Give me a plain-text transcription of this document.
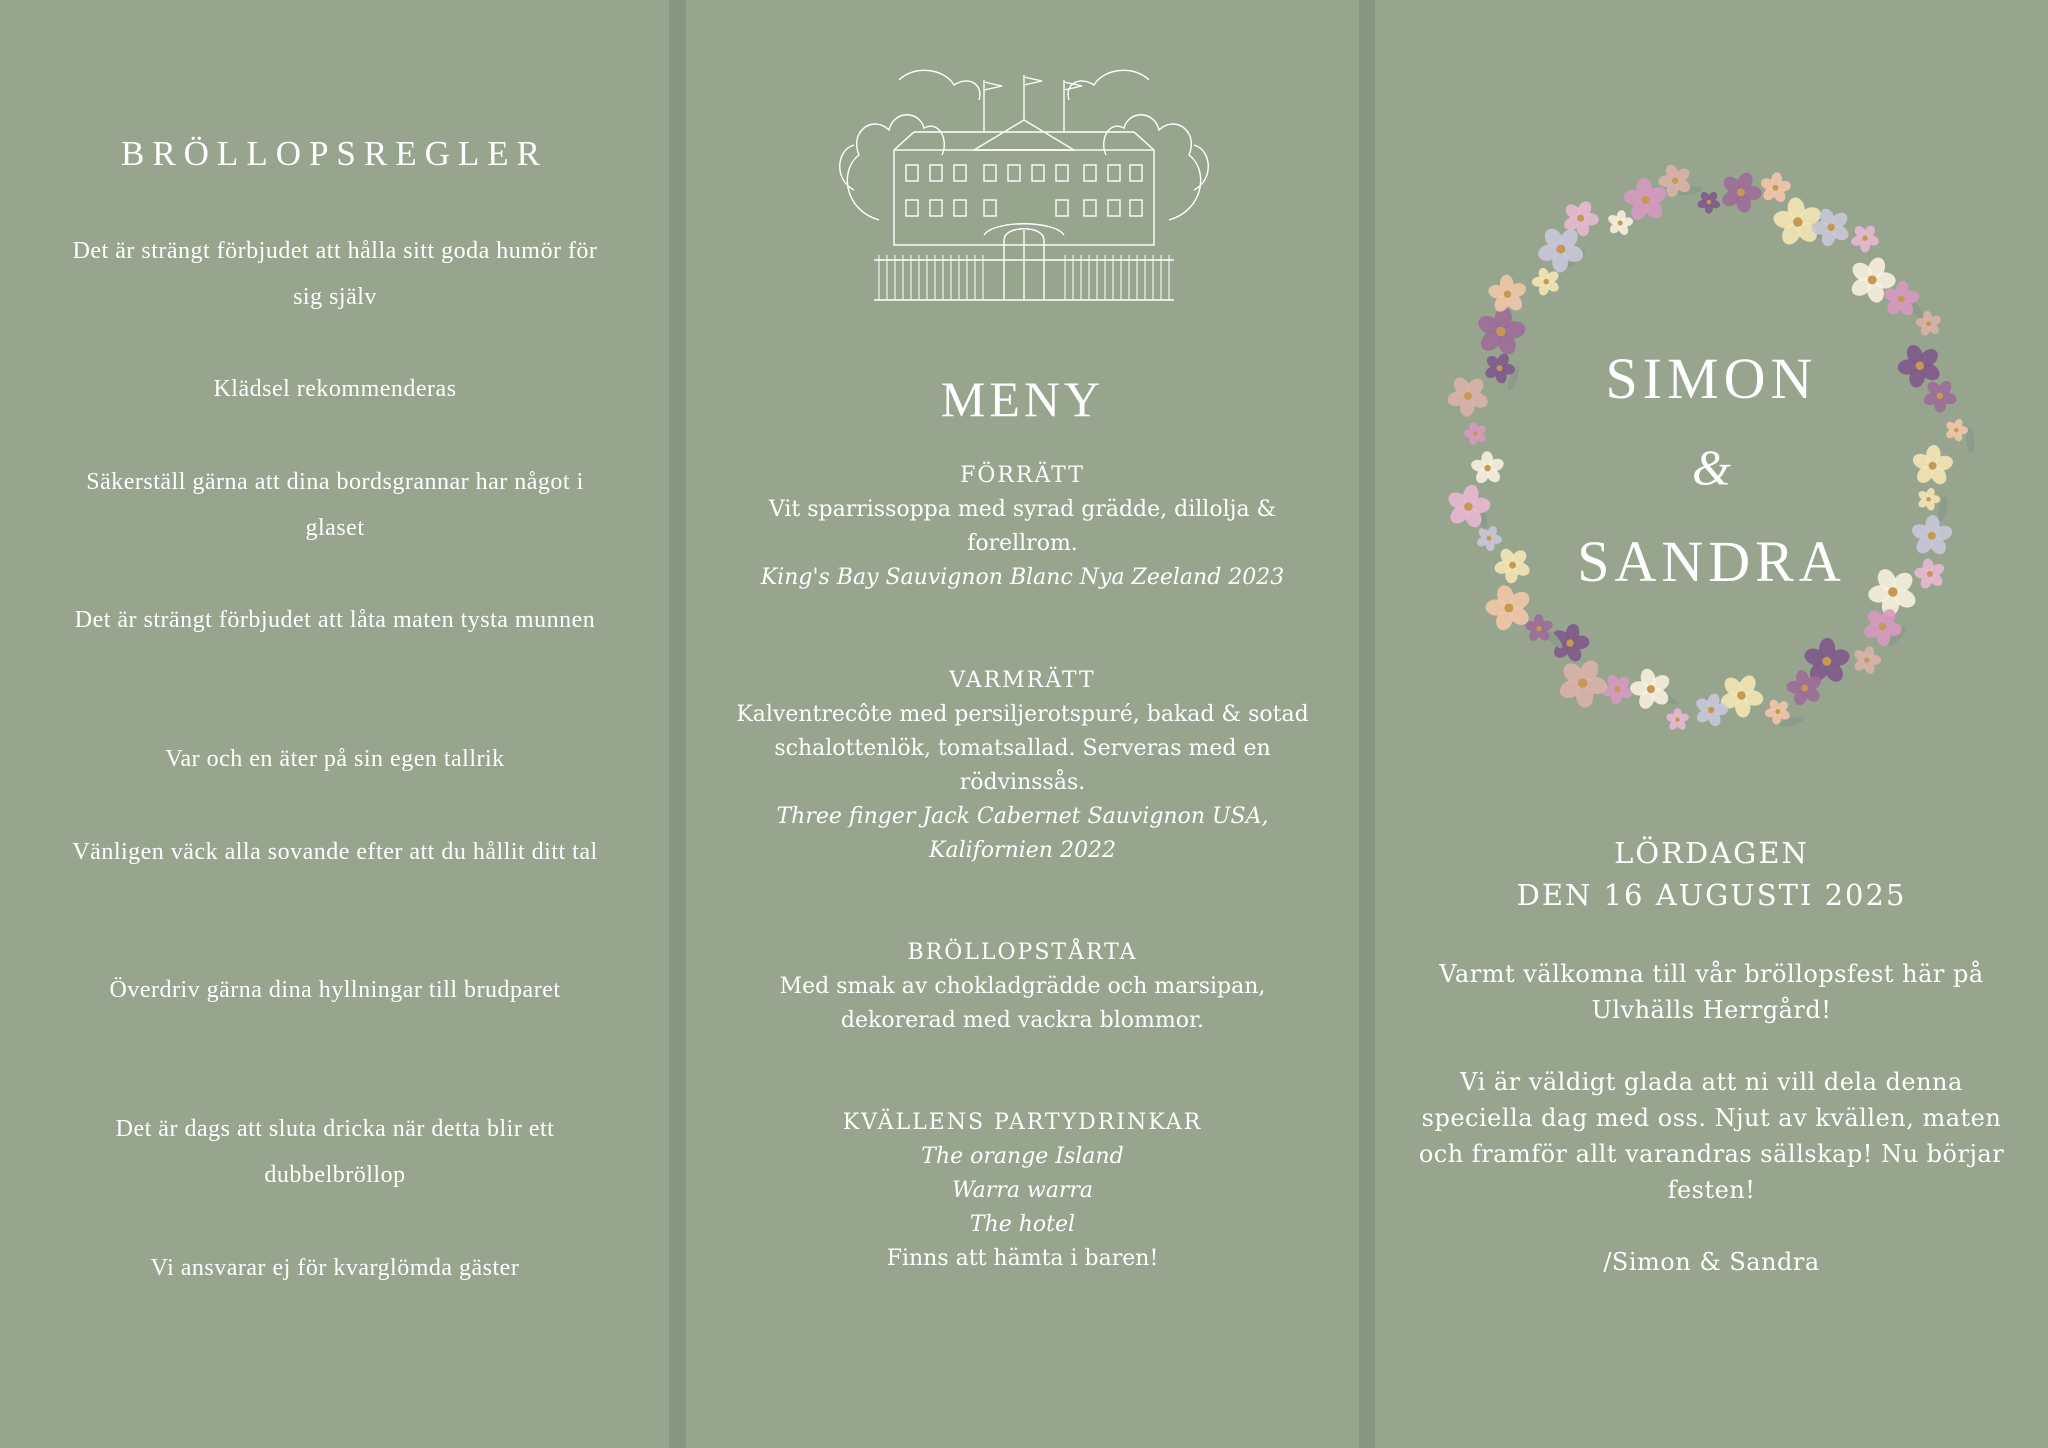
BRÖLLOPSREGLER
Det är strängt förbjudet att hålla sitt goda humör för sig själv
Klädsel rekommenderas
Säkerställ gärna att dina bordsgrannar har något i glaset
Det är strängt förbjudet att låta maten tysta munnen
Var och en äter på sin egen tallrik
Vänligen väck alla sovande efter att du hållit ditt tal
Överdriv gärna dina hyllningar till brudparet
Det är dags att sluta dricka när detta blir ett dubbelbröllop
Vi ansvarar ej för kvarglömda gäster
MENY
FÖRRÄTT
Vit sparrissoppa med syrad grädde, dillolja & forellrom.
King's Bay Sauvignon Blanc Nya Zeeland 2023
VARMRÄTT
Kalventrecôte med persiljerotspuré, bakad & sotad schalottenlök, tomatsallad. Serveras med en rödvinssås.
Three finger Jack Cabernet Sauvignon USA, Kalifornien 2022
BRÖLLOPSTÅRTA
Med smak av chokladgrädde och marsipan, dekorerad med vackra blommor.
KVÄLLENS PARTYDRINKAR
The orange Island
Warra warra
The hotel
Finns att hämta i baren!
SIMON
&
SANDRA
LÖRDAGEN
DEN 16 AUGUSTI 2025

Varmt välkomna till vår bröllopsfest här på Ulvhälls Herrgård!

Vi är väldigt glada att ni vill dela denna speciella dag med oss. Njut av kvällen, maten och framför allt varandras sällskap! Nu börjar festen!

/Simon & Sandra
